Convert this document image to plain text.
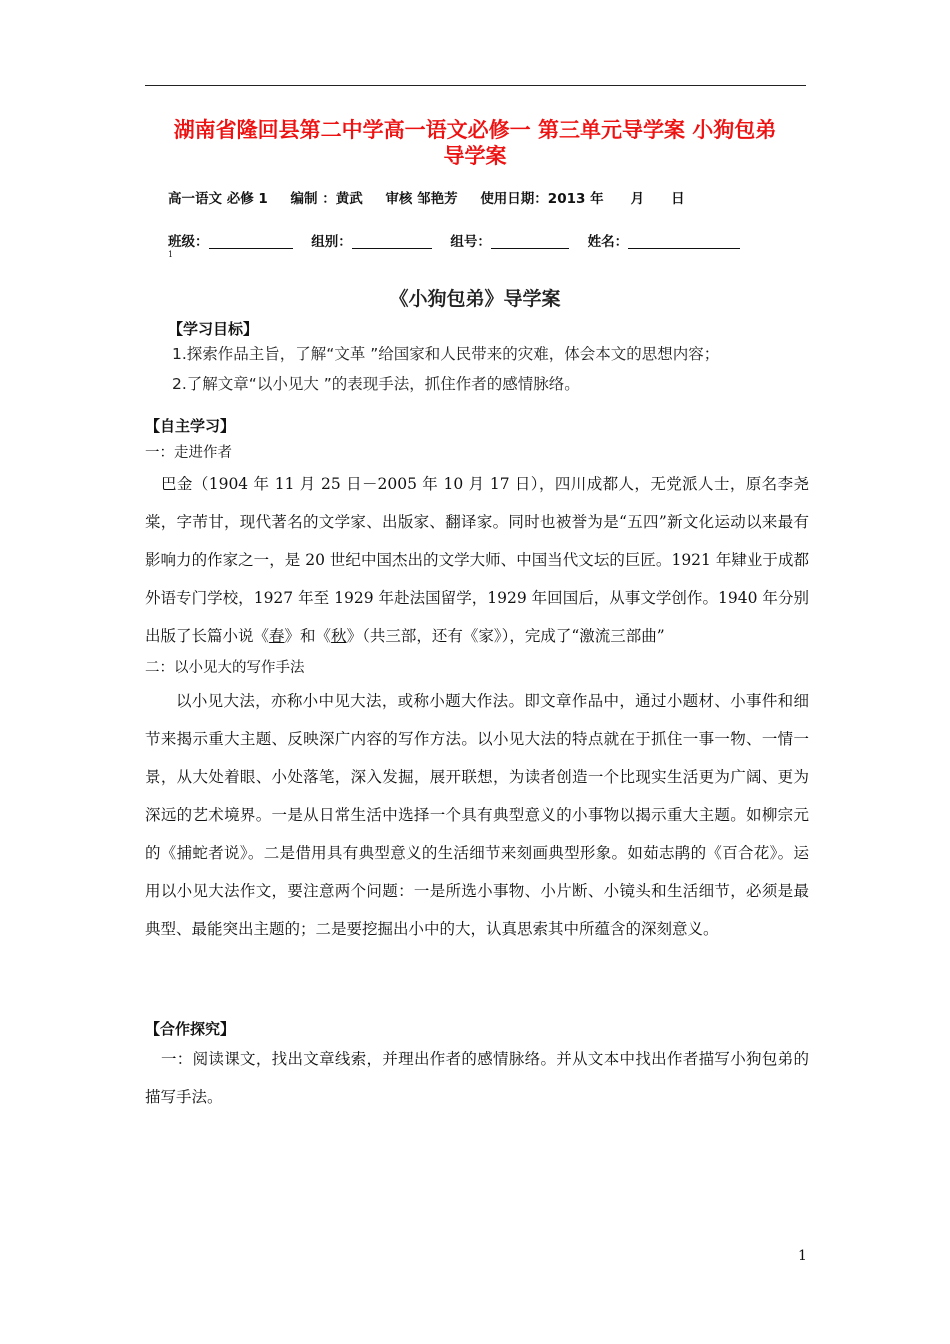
湖南省隆回县第二中学高一语文必修一 第三单元导学案 小狗包弟
导学案
高一语文 必修 1 编制 ：黄武 审核 邹艳芳 使用日期：2013 年　　月　　日
班级：	组别：	组号：	姓名：
1
《小狗包弟》导学案
【学习目标】
1.探索作品主旨，了解“文革 ”给国家和人民带来的灾难，体会本文的思想内容；
2.了解文章“以小见大 ”的表现手法，抓住作者的感情脉络。
【自主学习】
一：走进作者
巴金（1904 年 11 月 25 日－2005 年 10 月 17 日），四川成都人，无党派人士，原名李尧棠，字芾甘，现代著名的文学家、出版家、翻译家。同时也被誉为是“五四”新文化运动以来最有影响力的作家之一，是 20 世纪中国杰出的文学大师、中国当代文坛的巨匠。1921 年肄业于成都外语专门学校，1927 年至 1929 年赴法国留学，1929 年回国后，从事文学创作。1940 年分别出版了长篇小说《春》和《秋》（共三部，还有《家》），完成了“激流三部曲”
二：以小见大的写作手法
以小见大法，亦称小中见大法，或称小题大作法。即文章作品中，通过小题材、小事件和细节来揭示重大主题、反映深广内容的写作方法。以小见大法的特点就在于抓住一事一物、一情一景，从大处着眼、小处落笔，深入发掘，展开联想，为读者创造一个比现实生活更为广阔、更为深远的艺术境界。一是从日常生活中选择一个具有典型意义的小事物以揭示重大主题。如柳宗元的《捕蛇者说》。二是借用具有典型意义的生活细节来刻画典型形象。如茹志鹃的《百合花》。运用以小见大法作文，要注意两个问题：一是所选小事物、小片断、小镜头和生活细节，必须是最典型、最能突出主题的；二是要挖掘出小中的大，认真思索其中所蕴含的深刻意义。
【合作探究】
一：阅读课文，找出文章线索，并理出作者的感情脉络。并从文本中找出作者描写小狗包弟的描写手法。
1
